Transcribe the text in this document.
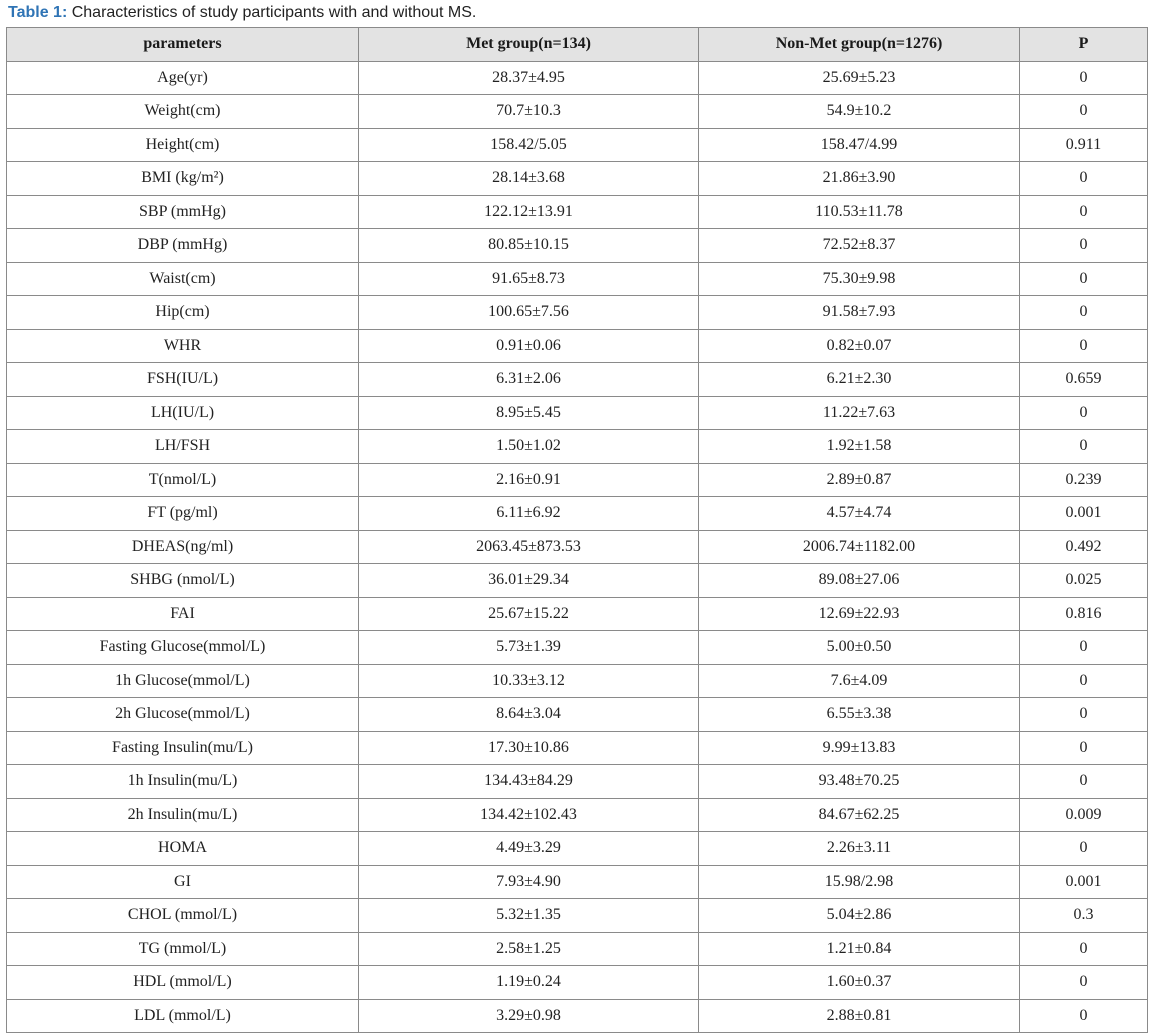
Table 1: Characteristics of study participants with and without MS.
parameters	Met group(n=134)	Non-Met group(n=1276)	P
Age(yr)	28.37±4.95	25.69±5.23	0
Weight(cm)	70.7±10.3	54.9±10.2	0
Height(cm)	158.42/5.05	158.47/4.99	0.911
BMI (kg/m²)	28.14±3.68	21.86±3.90	0
SBP (mmHg)	122.12±13.91	110.53±11.78	0
DBP (mmHg)	80.85±10.15	72.52±8.37	0
Waist(cm)	91.65±8.73	75.30±9.98	0
Hip(cm)	100.65±7.56	91.58±7.93	0
WHR	0.91±0.06	0.82±0.07	0
FSH(IU/L)	6.31±2.06	6.21±2.30	0.659
LH(IU/L)	8.95±5.45	11.22±7.63	0
LH/FSH	1.50±1.02	1.92±1.58	0
T(nmol/L)	2.16±0.91	2.89±0.87	0.239
FT (pg/ml)	6.11±6.92	4.57±4.74	0.001
DHEAS(ng/ml)	2063.45±873.53	2006.74±1182.00	0.492
SHBG (nmol/L)	36.01±29.34	89.08±27.06	0.025
FAI	25.67±15.22	12.69±22.93	0.816
Fasting Glucose(mmol/L)	5.73±1.39	5.00±0.50	0
1h Glucose(mmol/L)	10.33±3.12	7.6±4.09	0
2h Glucose(mmol/L)	8.64±3.04	6.55±3.38	0
Fasting Insulin(mu/L)	17.30±10.86	9.99±13.83	0
1h Insulin(mu/L)	134.43±84.29	93.48±70.25	0
2h Insulin(mu/L)	134.42±102.43	84.67±62.25	0.009
HOMA	4.49±3.29	2.26±3.11	0
GI	7.93±4.90	15.98/2.98	0.001
CHOL (mmol/L)	5.32±1.35	5.04±2.86	0.3
TG (mmol/L)	2.58±1.25	1.21±0.84	0
HDL (mmol/L)	1.19±0.24	1.60±0.37	0
LDL (mmol/L)	3.29±0.98	2.88±0.81	0
